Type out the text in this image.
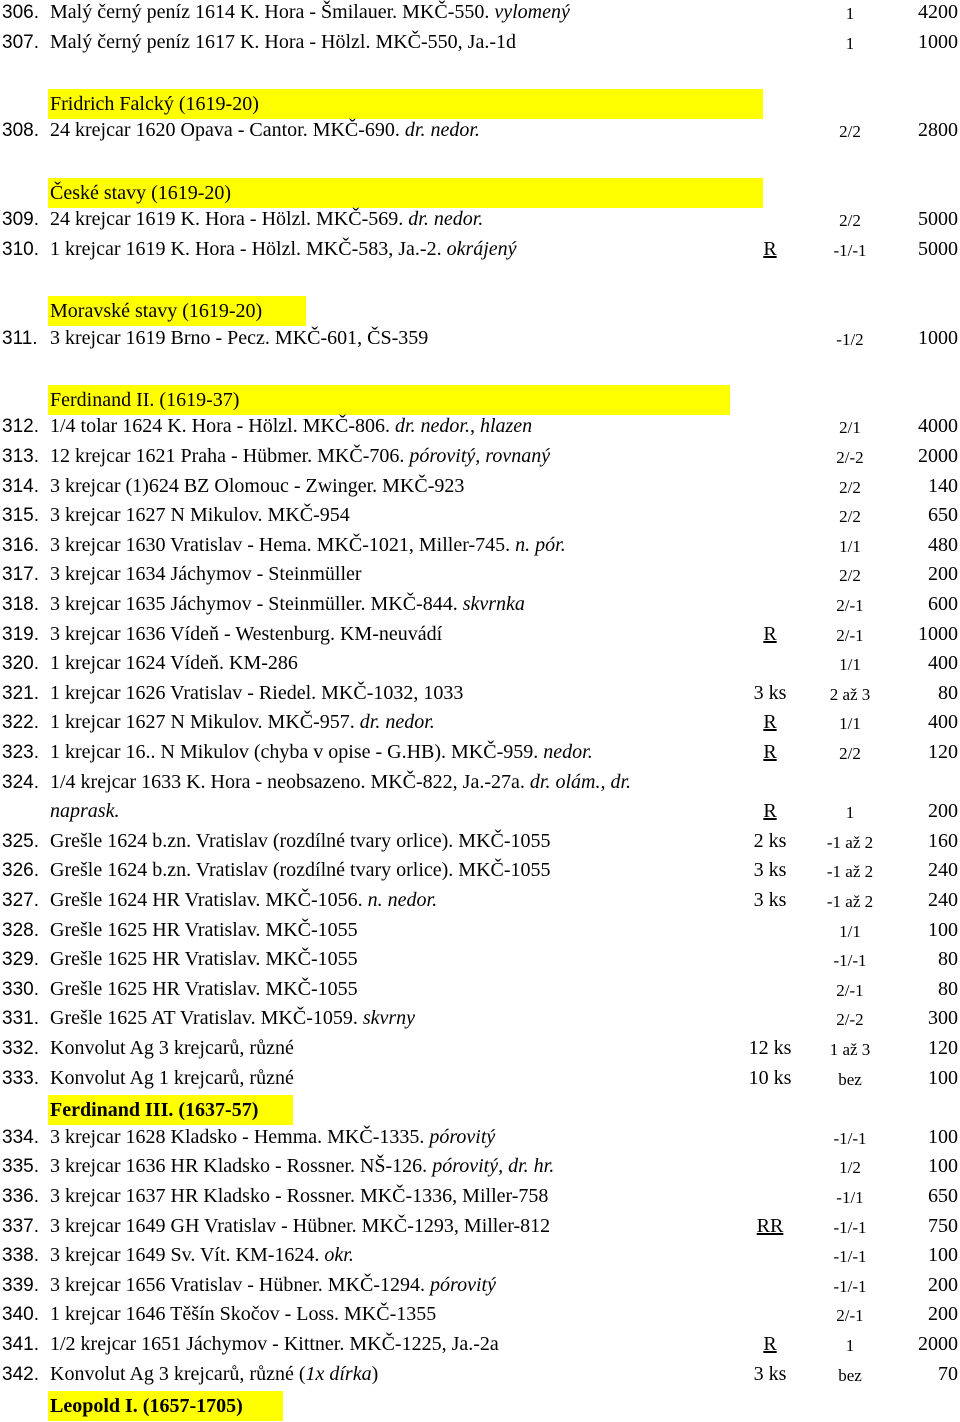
306. Malý černý peníz 1614 K. Hora - Šmilauer. MKČ-550. vylomený	1	4200
307. Malý černý peníz 1617 K. Hora - Hölzl. MKČ-550, Ja.-1d	1	1000
Fridrich Falcký (1619-20)
308. 24 krejcar 1620 Opava - Cantor. MKČ-690. dr. nedor.	2/2	2800
České stavy (1619-20)
309. 24 krejcar 1619 K. Hora - Hölzl. MKČ-569. dr. nedor.	2/2	5000
310. 1 krejcar 1619 K. Hora - Hölzl. MKČ-583, Ja.-2. okrájený	R	-1/-1	5000
Moravské stavy (1619-20)
311. 3 krejcar 1619 Brno - Pecz. MKČ-601, ČS-359	-1/2	1000
Ferdinand II. (1619-37)
312. 1/4 tolar 1624 K. Hora - Hölzl. MKČ-806. dr. nedor., hlazen	2/1	4000
313. 12 krejcar 1621 Praha - Hübmer. MKČ-706. pórovitý, rovnaný	2/-2	2000
314. 3 krejcar (1)624 BZ Olomouc - Zwinger. MKČ-923	2/2	140
315. 3 krejcar 1627 N Mikulov. MKČ-954	2/2	650
316. 3 krejcar 1630 Vratislav - Hema. MKČ-1021, Miller-745. n. pór.	1/1	480
317. 3 krejcar 1634 Jáchymov - Steinmüller	2/2	200
318. 3 krejcar 1635 Jáchymov - Steinmüller. MKČ-844. skvrnka	2/-1	600
319. 3 krejcar 1636 Vídeň - Westenburg. KM-neuvádí	R	2/-1	1000
320. 1 krejcar 1624 Vídeň. KM-286	1/1	400
321. 1 krejcar 1626 Vratislav - Riedel. MKČ-1032, 1033	3 ks	2 až 3	80
322. 1 krejcar 1627 N Mikulov. MKČ-957. dr. nedor.	R	1/1	400
323. 1 krejcar 16.. N Mikulov (chyba v opise - G.HB). MKČ-959. nedor.	R	2/2	120
324. 1/4 krejcar 1633 K. Hora - neobsazeno. MKČ-822, Ja.-27a. dr. olám., dr.
naprask.	R	1	200
325. Grešle 1624 b.zn. Vratislav (rozdílné tvary orlice). MKČ-1055	2 ks	-1 až 2	160
326. Grešle 1624 b.zn. Vratislav (rozdílné tvary orlice). MKČ-1055	3 ks	-1 až 2	240
327. Grešle 1624 HR Vratislav. MKČ-1056. n. nedor.	3 ks	-1 až 2	240
328. Grešle 1625 HR Vratislav. MKČ-1055	1/1	100
329. Grešle 1625 HR Vratislav. MKČ-1055	-1/-1	80
330. Grešle 1625 HR Vratislav. MKČ-1055	2/-1	80
331. Grešle 1625 AT Vratislav. MKČ-1059. skvrny	2/-2	300
332. Konvolut Ag 3 krejcarů, různé	12 ks	1 až 3	120
333. Konvolut Ag 1 krejcarů, různé	10 ks	bez	100
Ferdinand III. (1637-57)
334. 3 krejcar 1628 Kladsko - Hemma. MKČ-1335. pórovitý	-1/-1	100
335. 3 krejcar 1636 HR Kladsko - Rossner. NŠ-126. pórovitý, dr. hr.	1/2	100
336. 3 krejcar 1637 HR Kladsko - Rossner. MKČ-1336, Miller-758	-1/1	650
337. 3 krejcar 1649 GH Vratislav - Hübner. MKČ-1293, Miller-812	RR	-1/-1	750
338. 3 krejcar 1649 Sv. Vít. KM-1624. okr.	-1/-1	100
339. 3 krejcar 1656 Vratislav - Hübner. MKČ-1294. pórovitý	-1/-1	200
340. 1 krejcar 1646 Těšín Skočov - Loss. MKČ-1355	2/-1	200
341. 1/2 krejcar 1651 Jáchymov - Kittner. MKČ-1225, Ja.-2a	R	1	2000
342. Konvolut Ag 3 krejcarů, různé (1x dírka)	3 ks	bez	70
Leopold I. (1657-1705)
